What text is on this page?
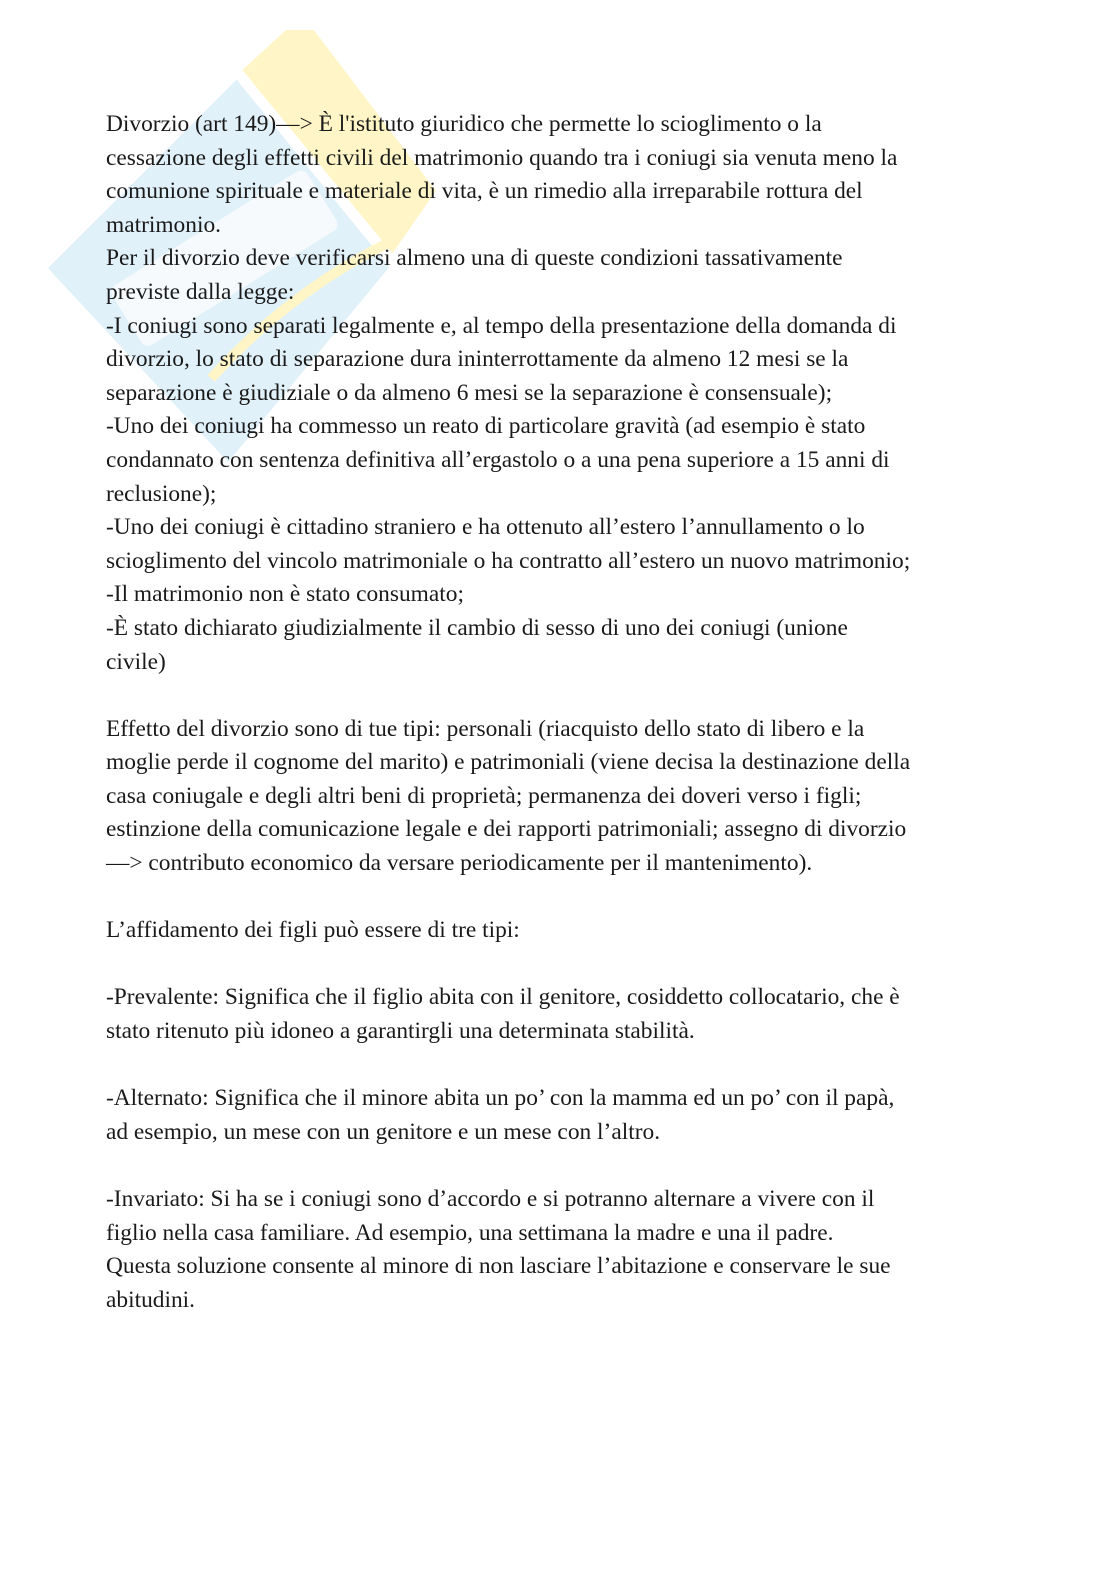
Divorzio (art 149)—> È l'istituto giuridico che permette lo scioglimento o la

cessazione degli effetti civili del matrimonio quando tra i coniugi sia venuta meno la

comunione spirituale e materiale di vita, è un rimedio alla irreparabile rottura del

matrimonio.

Per il divorzio deve verificarsi almeno una di queste condizioni tassativamente

previste dalla legge:

-I coniugi sono separati legalmente e, al tempo della presentazione della domanda di

divorzio, lo stato di separazione dura ininterrottamente da almeno 12 mesi se la

separazione è giudiziale o da almeno 6 mesi se la separazione è consensuale);

-Uno dei coniugi ha commesso un reato di particolare gravità (ad esempio è stato

condannato con sentenza definitiva all’ergastolo o a una pena superiore a 15 anni di

reclusione);

-Uno dei coniugi è cittadino straniero e ha ottenuto all’estero l’annullamento o lo

scioglimento del vincolo matrimoniale o ha contratto all’estero un nuovo matrimonio;

-Il matrimonio non è stato consumato;

-È stato dichiarato giudizialmente il cambio di sesso di uno dei coniugi (unione

civile)

Effetto del divorzio sono di tue tipi: personali (riacquisto dello stato di libero e la

moglie perde il cognome del marito) e patrimoniali (viene decisa la destinazione della

casa coniugale e degli altri beni di proprietà; permanenza dei doveri verso i figli;

estinzione della comunicazione legale e dei rapporti patrimoniali; assegno di divorzio

—> contributo economico da versare periodicamente per il mantenimento).

L’affidamento dei figli può essere di tre tipi:

-Prevalente: Significa che il figlio abita con il genitore, cosiddetto collocatario, che è

stato ritenuto più idoneo a garantirgli una determinata stabilità.

-Alternato: Significa che il minore abita un po’ con la mamma ed un po’ con il papà,

ad esempio, un mese con un genitore e un mese con l’altro.

-Invariato: Si ha se i coniugi sono d’accordo e si potranno alternare a vivere con il

figlio nella casa familiare. Ad esempio, una settimana la madre e una il padre.

Questa soluzione consente al minore di non lasciare l’abitazione e conservare le sue

abitudini.
